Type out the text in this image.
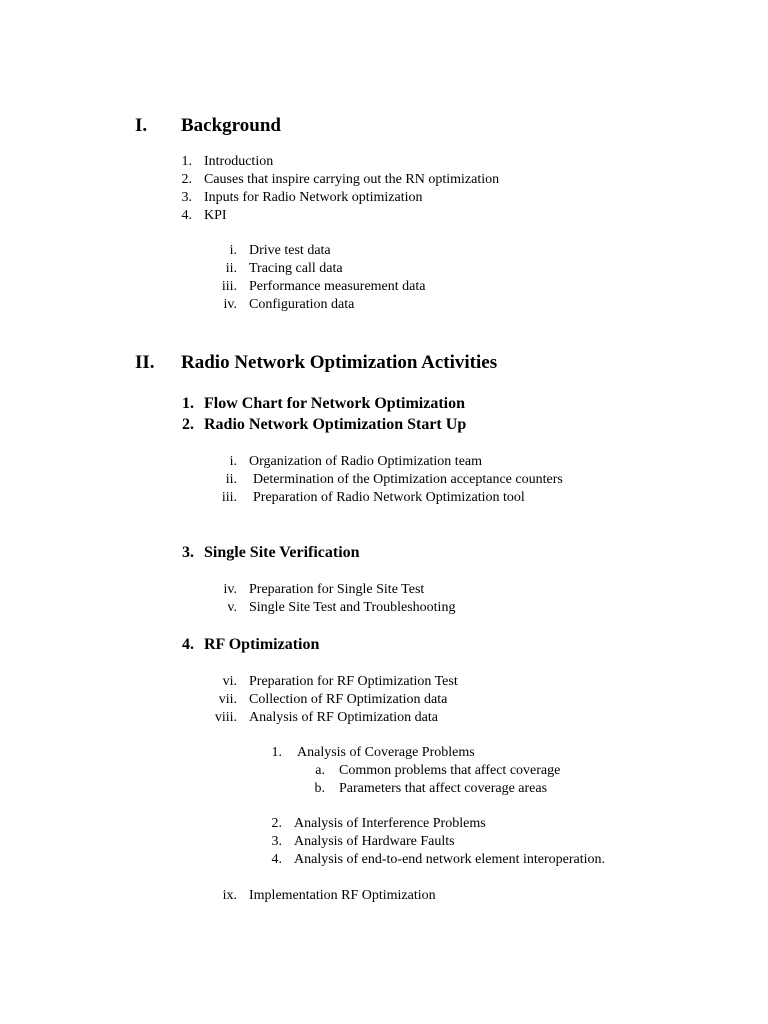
I. Background
1. Introduction
2. Causes that inspire carrying out the RN optimization
3. Inputs for Radio Network optimization
4. KPI
i. Drive test data
ii. Tracing call data
iii. Performance measurement data
iv. Configuration data
II. Radio Network Optimization Activities
1. Flow Chart for Network Optimization
2. Radio Network Optimization Start Up
i. Organization of Radio Optimization team
ii. Determination of the Optimization acceptance counters
iii. Preparation of Radio Network Optimization tool
3. Single Site Verification
iv. Preparation for Single Site Test
v. Single Site Test and Troubleshooting
4. RF Optimization
vi. Preparation for RF Optimization Test
vii. Collection of RF Optimization data
viii. Analysis of RF Optimization data
1. Analysis of Coverage Problems
a. Common problems that affect coverage
b. Parameters that affect coverage areas
2. Analysis of Interference Problems
3. Analysis of Hardware Faults
4. Analysis of end-to-end network element interoperation.
ix. Implementation RF Optimization
